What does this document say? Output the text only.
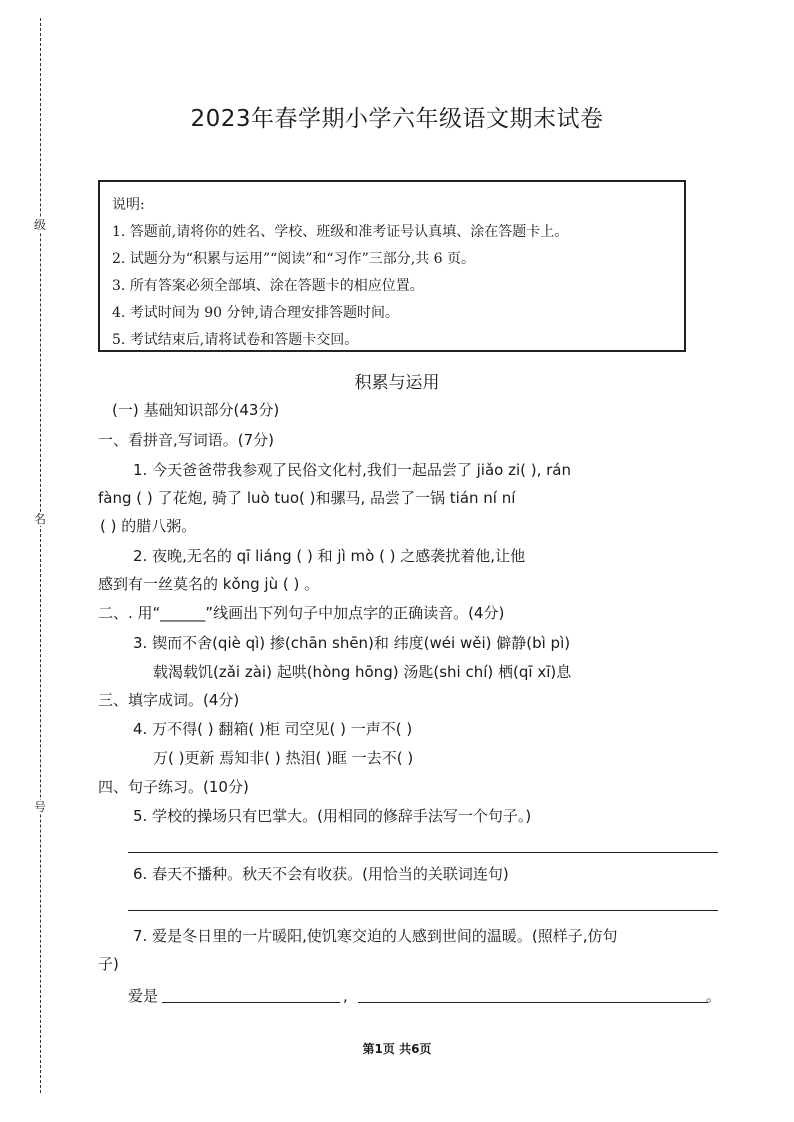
级
名
号
2023年春学期小学六年级语文期末试卷
说明:
1. 答题前,请将你的姓名、学校、班级和准考证号认真填、涂在答题卡上。
2. 试题分为“积累与运用”“阅读”和“习作”三部分,共 6 页。
3. 所有答案必须全部填、涂在答题卡的相应位置。
4. 考试时间为 90 分钟,请合理安排答题时间。
5. 考试结束后,请将试卷和答题卡交回。
积累与运用
(一) 基础知识部分(43分)
一、看拼音,写词语。(7分)
1. 今天爸爸带我参观了民俗文化村,我们一起品尝了 jiǎo zi( ), rán
fàng ( ) 了花炮, 骑了 luò tuo( )和骡马, 品尝了一锅 tián ní ní
( ) 的腊八粥。
2. 夜晚,无名的 qī liáng ( ) 和 jì mò ( ) 之感袭扰着他,让他
感到有一丝莫名的 kǒng jù ( ) 。
二、. 用“______”线画出下列句子中加点字的正确读音。(4分)
3. 锲而不舍(qiè qì) 掺(chān shēn)和 纬度(wéi wěi) 僻静(bì pì)
载渴载饥(zǎi zài) 起哄(hòng hōng) 汤匙(shi chí) 栖(qī xī)息
三、填字成词。(4分)
4. 万不得( ) 翻箱( )柜 司空见( ) 一声不( )
万( )更新 焉知非( ) 热泪( )眶 一去不( )
四、句子练习。(10分)
5. 学校的操场只有巴掌大。(用相同的修辞手法写一个句子。)
6. 春天不播种。秋天不会有收获。(用恰当的关联词连句)
7. 爱是冬日里的一片暖阳,使饥寒交迫的人感到世间的温暖。(照样子,仿句
子)
爱是	,	。
第1页 共6页
